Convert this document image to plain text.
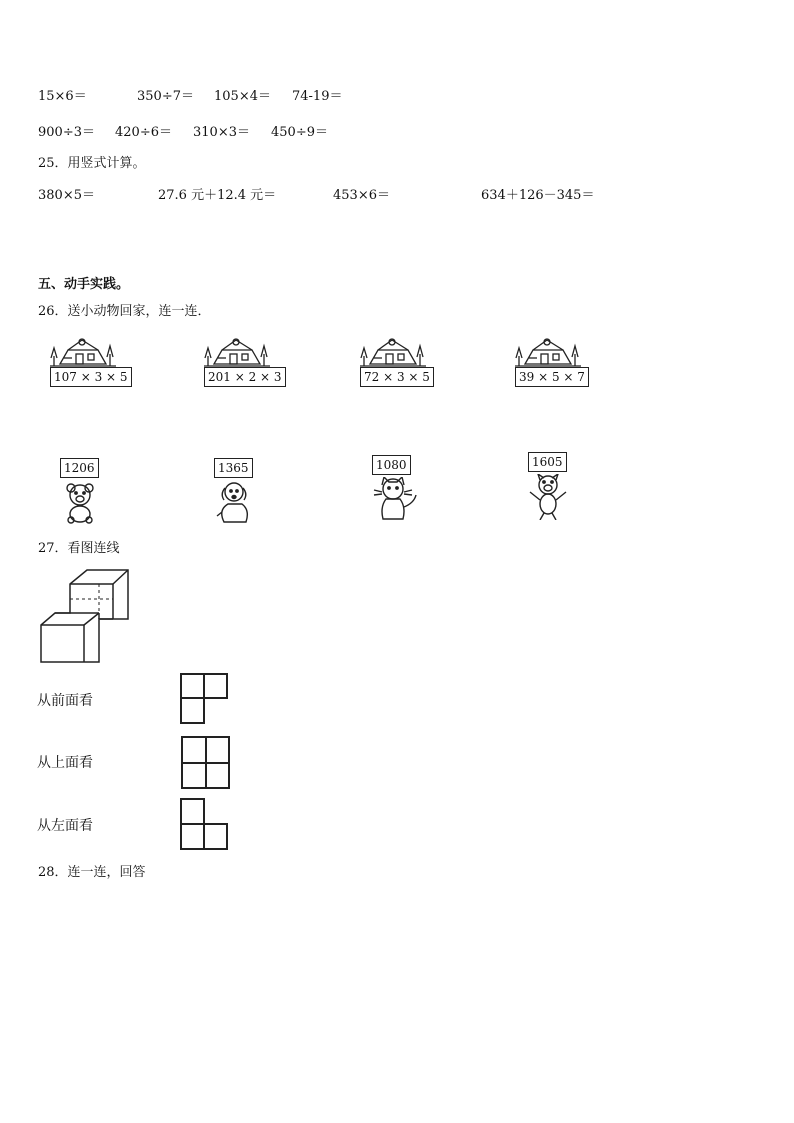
15×6＝	350÷7＝ 105×4＝ 74-19＝
900÷3＝ 420÷6＝ 310×3＝ 450÷9＝
25．用竖式计算。
380×5＝	27.6 元＋12.4 元＝	453×6＝	634＋126－345＝
五、动手实践。
26．送小动物回家，连一连．
107 × 3 × 5	201 × 2 × 3	72 × 3 × 5	39 × 5 × 7
1206	1365	1080	1605
27．看图连线
从前面看
从上面看
从左面看
28．连一连，回答
